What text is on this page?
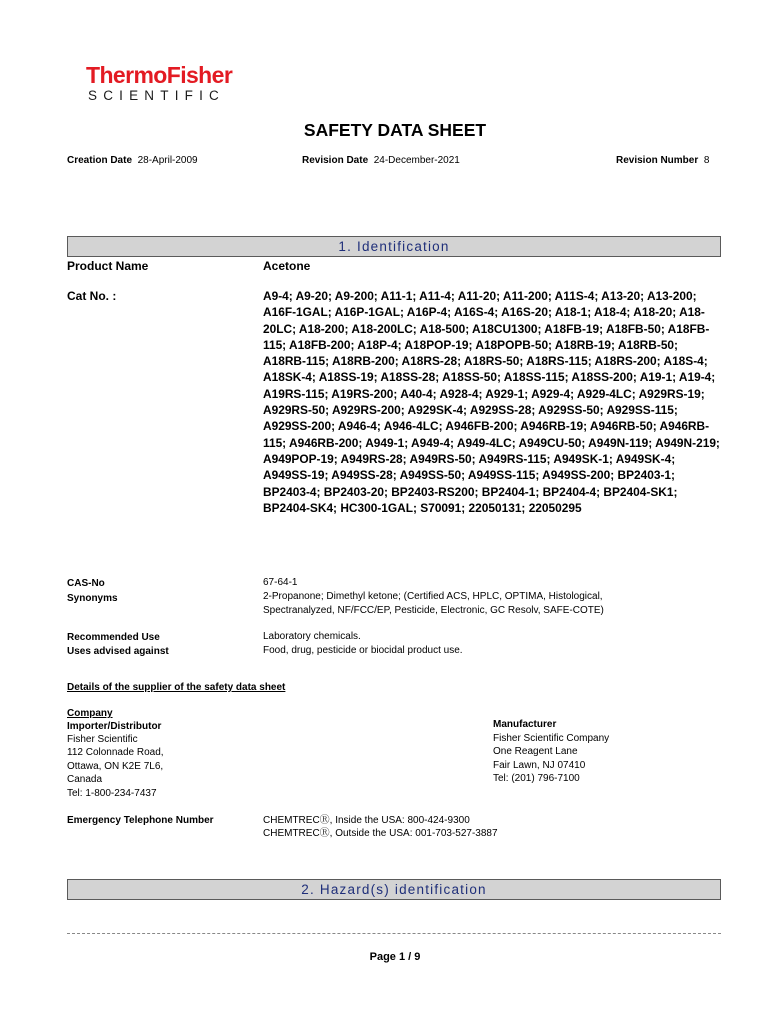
ThermoFisher
SCIENTIFIC
SAFETY DATA SHEET
Creation Date 28-April-2009	Revision Date 24-December-2021	Revision Number 8
1. Identification
Product Name	Acetone
Cat No. :	A9-4; A9-20; A9-200; A11-1; A11-4; A11-20; A11-200; A11S-4; A13-20; A13-200; A16F-1GAL; A16P-1GAL; A16P-4; A16S-4; A16S-20; A18-1; A18-4; A18-20; A18-20LC; A18-200; A18-200LC; A18-500; A18CU1300; A18FB-19; A18FB-50; A18FB-115; A18FB-200; A18P-4; A18POP-19; A18POPB-50; A18RB-19; A18RB-50; A18RB-115; A18RB-200; A18RS-28; A18RS-50; A18RS-115; A18RS-200; A18S-4; A18SK-4; A18SS-19; A18SS-28; A18SS-50; A18SS-115; A18SS-200; A19-1; A19-4; A19RS-115; A19RS-200; A40-4; A928-4; A929-1; A929-4; A929-4LC; A929RS-19; A929RS-50; A929RS-200; A929SK-4; A929SS-28; A929SS-50; A929SS-115; A929SS-200; A946-4; A946-4LC; A946FB-200; A946RB-19; A946RB-50; A946RB-115; A946RB-200; A949-1; A949-4; A949-4LC; A949CU-50; A949N-119; A949N-219; A949POP-19; A949RS-28; A949RS-50; A949RS-115; A949SK-1; A949SK-4; A949SS-19; A949SS-28; A949SS-50; A949SS-115; A949SS-200; BP2403-1; BP2403-4; BP2403-20; BP2403-RS200; BP2404-1; BP2404-4; BP2404-SK1; BP2404-SK4; HC300-1GAL; S70091; 22050131; 22050295
CAS-No	67-64-1
Synonyms	2-Propanone; Dimethyl ketone; (Certified ACS, HPLC, OPTIMA, Histological, Spectranalyzed, NF/FCC/EP, Pesticide, Electronic, GC Resolv, SAFE-COTE)
Recommended Use	Laboratory chemicals.
Uses advised against	Food, drug, pesticide or biocidal product use.
Details of the supplier of the safety data sheet
Company
Importer/Distributor
Fisher Scientific
112 Colonnade Road,
Ottawa, ON K2E 7L6,
Canada
Tel: 1-800-234-7437
Manufacturer
Fisher Scientific Company
One Reagent Lane
Fair Lawn, NJ 07410
Tel: (201) 796-7100
Emergency Telephone Number	CHEMTRECⓇ, Inside the USA: 800-424-9300
CHEMTRECⓇ, Outside the USA: 001-703-527-3887
2. Hazard(s) identification
Page 1 / 9
